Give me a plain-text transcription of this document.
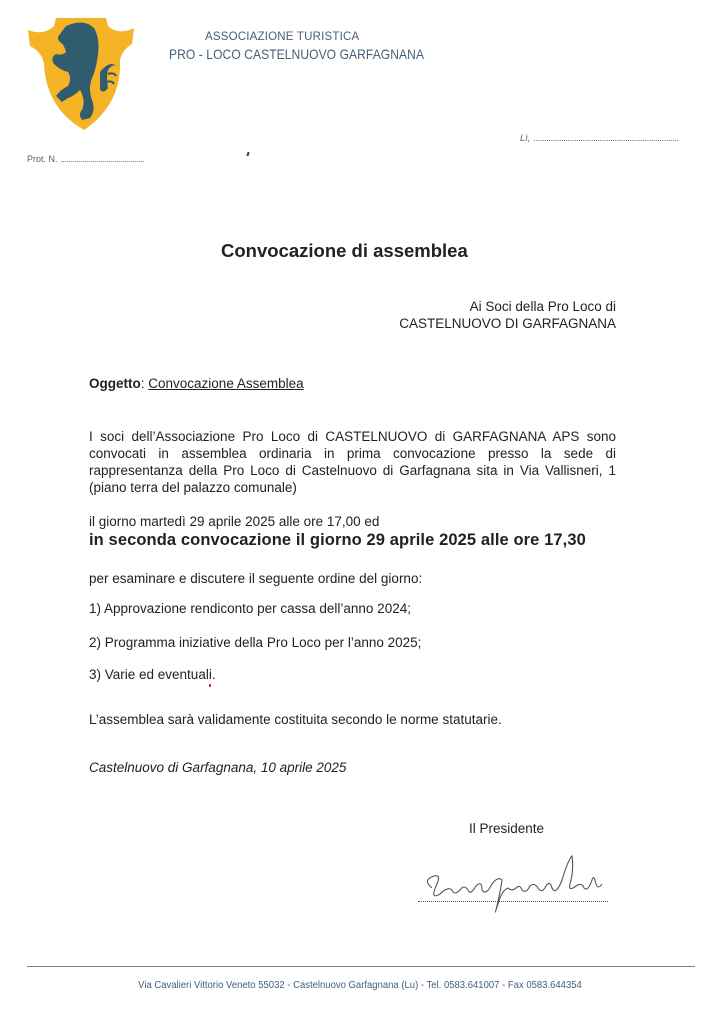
ASSOCIAZIONE TURISTICA
PRO - LOCO CASTELNUOVO GARFAGNANA
Prot. N. ..........................................
Lì, ....................................................................
Convocazione di assemblea
Ai Soci della Pro Loco di
CASTELNUOVO DI GARFAGNANA
Oggetto: Convocazione Assemblea
I soci dell’Associazione Pro Loco di CASTELNUOVO di GARFAGNANA APS sono convocati in assemblea ordinaria in prima convocazione presso la sede di rappresentanza della Pro Loco di Castelnuovo di Garfagnana sita in Via Vallisneri, 1 (piano terra del palazzo comunale)
il giorno martedì 29 aprile 2025 alle ore 17,00 ed
in seconda convocazione il giorno 29 aprile 2025 alle ore 17,30
per esaminare e discutere il seguente ordine del giorno:
1) Approvazione rendiconto per cassa dell’anno 2024;
2) Programma iniziative della Pro Loco per l’anno 2025;
3) Varie ed eventuali.
L’assemblea sarà validamente costituita secondo le norme statutarie.
Castelnuovo di Garfagnana, 10 aprile 2025
Il Presidente
Via Cavalieri Vittorio Veneto 55032 - Castelnuovo Garfagnana (Lu) - Tel. 0583.641007 - Fax 0583.644354
